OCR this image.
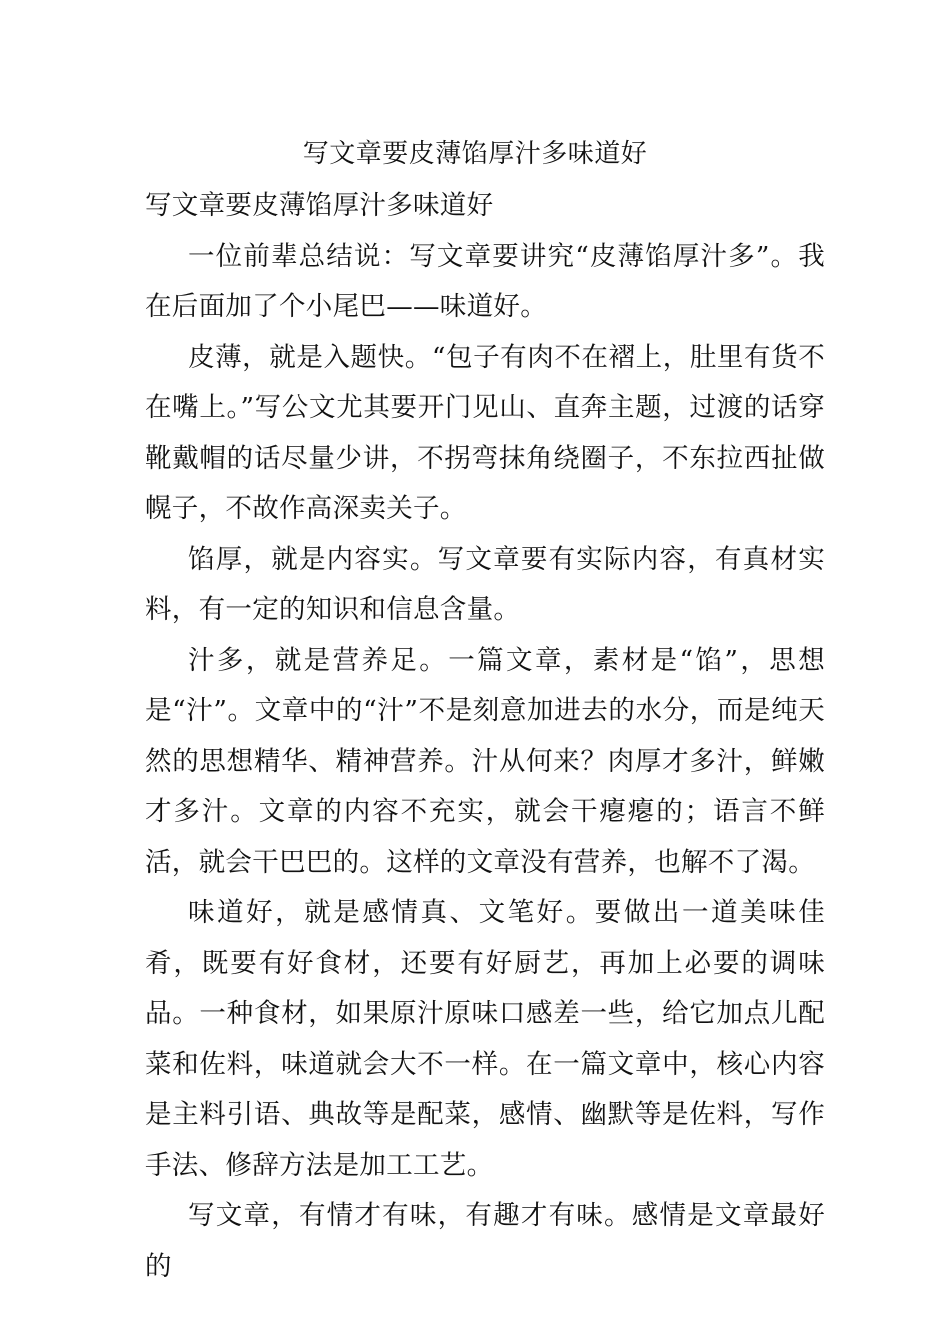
写文章要皮薄馅厚汁多味道好

写文章要皮薄馅厚汁多味道好

一位前辈总结说：写文章要讲究“皮薄馅厚汁多”。我在后面加了个小尾巴——味道好。

皮薄，就是入题快。“包子有肉不在褶上，肚里有货不在嘴上。”写公文尤其要开门见山、直奔主题，过渡的话穿靴戴帽的话尽量少讲，不拐弯抹角绕圈子，不东拉西扯做幌子，不故作高深卖关子。

馅厚，就是内容实。写文章要有实际内容，有真材实料，有一定的知识和信息含量。

汁多，就是营养足。一篇文章，素材是“馅”，思想是“汁”。文章中的“汁”不是刻意加进去的水分，而是纯天然的思想精华、精神营养。汁从何来？肉厚才多汁，鲜嫩才多汁。文章的内容不充实，就会干瘪瘪的；语言不鲜活，就会干巴巴的。这样的文章没有营养，也解不了渴。

味道好，就是感情真、文笔好。要做出一道美味佳肴，既要有好食材，还要有好厨艺，再加上必要的调味品。一种食材，如果原汁原味口感差一些，给它加点儿配菜和佐料，味道就会大不一样。在一篇文章中，核心内容是主料引语、典故等是配菜，感情、幽默等是佐料，写作手法、修辞方法是加工工艺。

写文章，有情才有味，有趣才有味。感情是文章最好的
